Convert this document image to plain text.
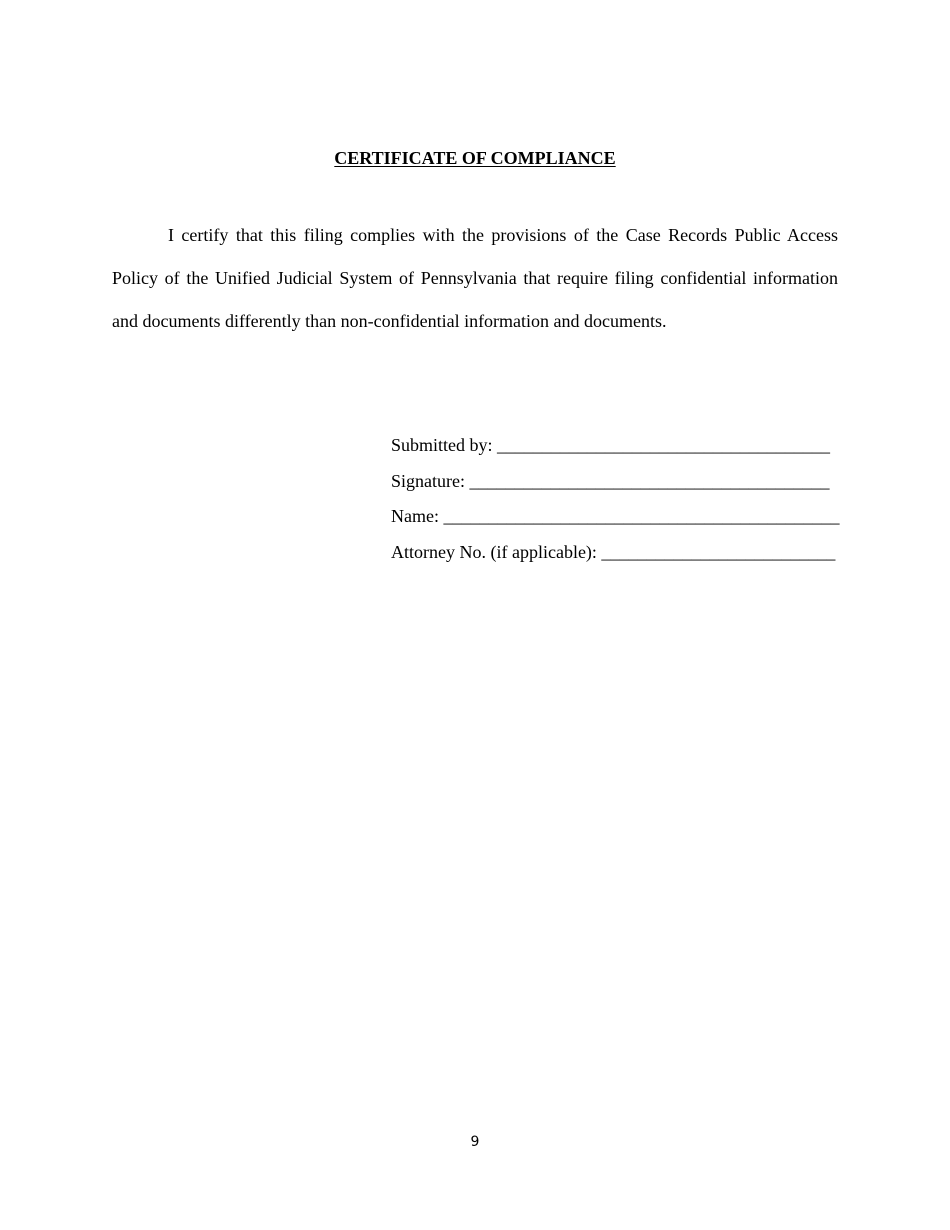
CERTIFICATE OF COMPLIANCE

I certify that this filing complies with the provisions of the Case Records Public Access Policy of the Unified Judicial System of Pennsylvania that require filing confidential information and documents differently than non-confidential information and documents.

Submitted by: _____________________________________
Signature: ________________________________________
Name: ____________________________________________
Attorney No. (if applicable): __________________________
9
